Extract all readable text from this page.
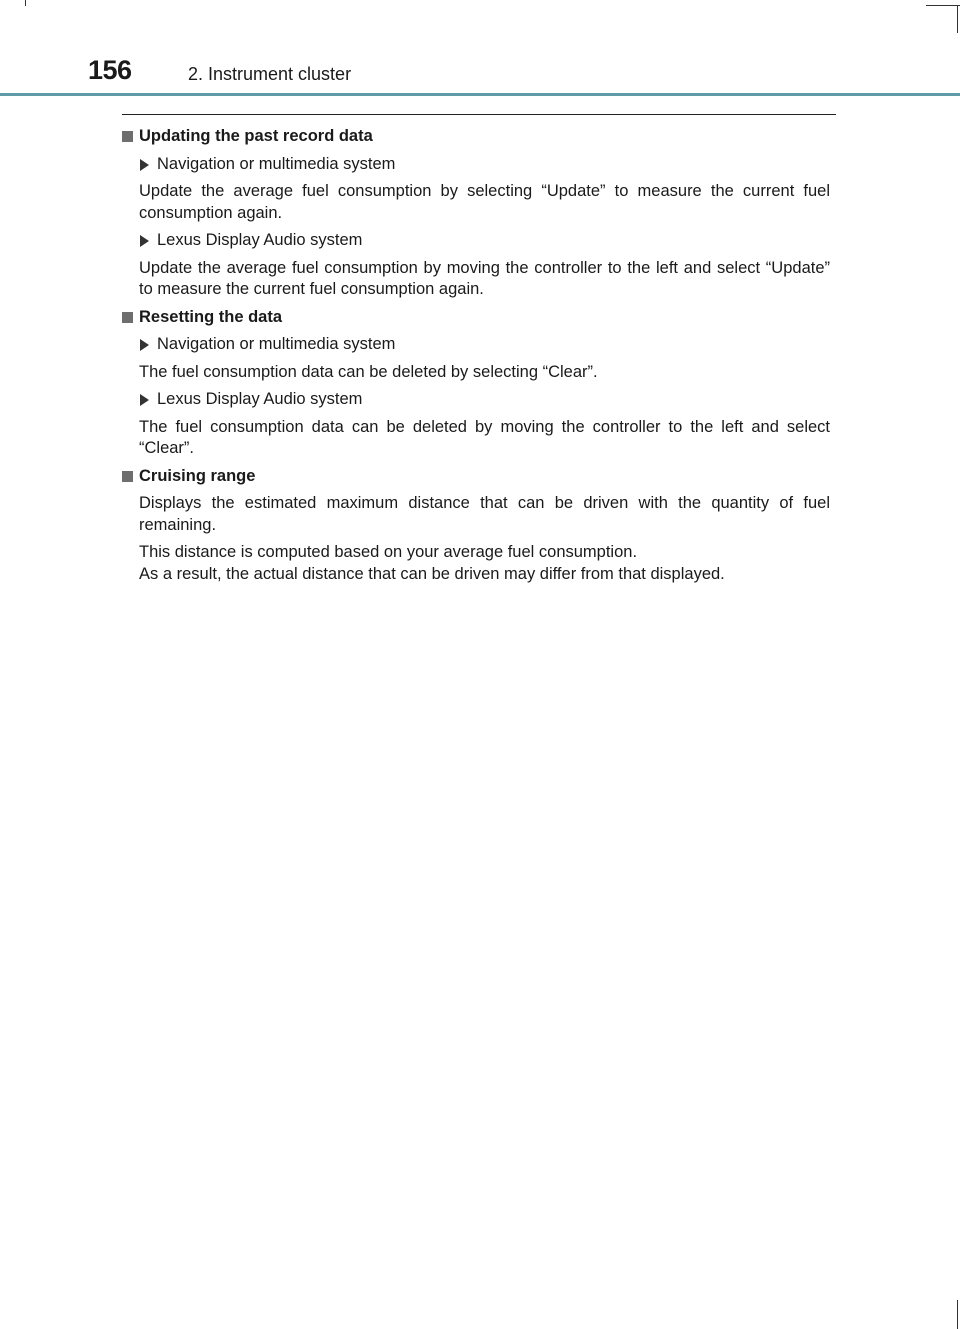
156	2. Instrument cluster
Updating the past record data
Navigation or multimedia system
Update the average fuel consumption by selecting “Update” to measure the current fuel consumption again.
Lexus Display Audio system
Update the average fuel consumption by moving the controller to the left and select “Update” to measure the current fuel consumption again.
Resetting the data
Navigation or multimedia system
The fuel consumption data can be deleted by selecting “Clear”.
Lexus Display Audio system
The fuel consumption data can be deleted by moving the controller to the left and select “Clear”.
Cruising range
Displays the estimated maximum distance that can be driven with the quantity of fuel remaining.
This distance is computed based on your average fuel consumption.
As a result, the actual distance that can be driven may differ from that displayed.
